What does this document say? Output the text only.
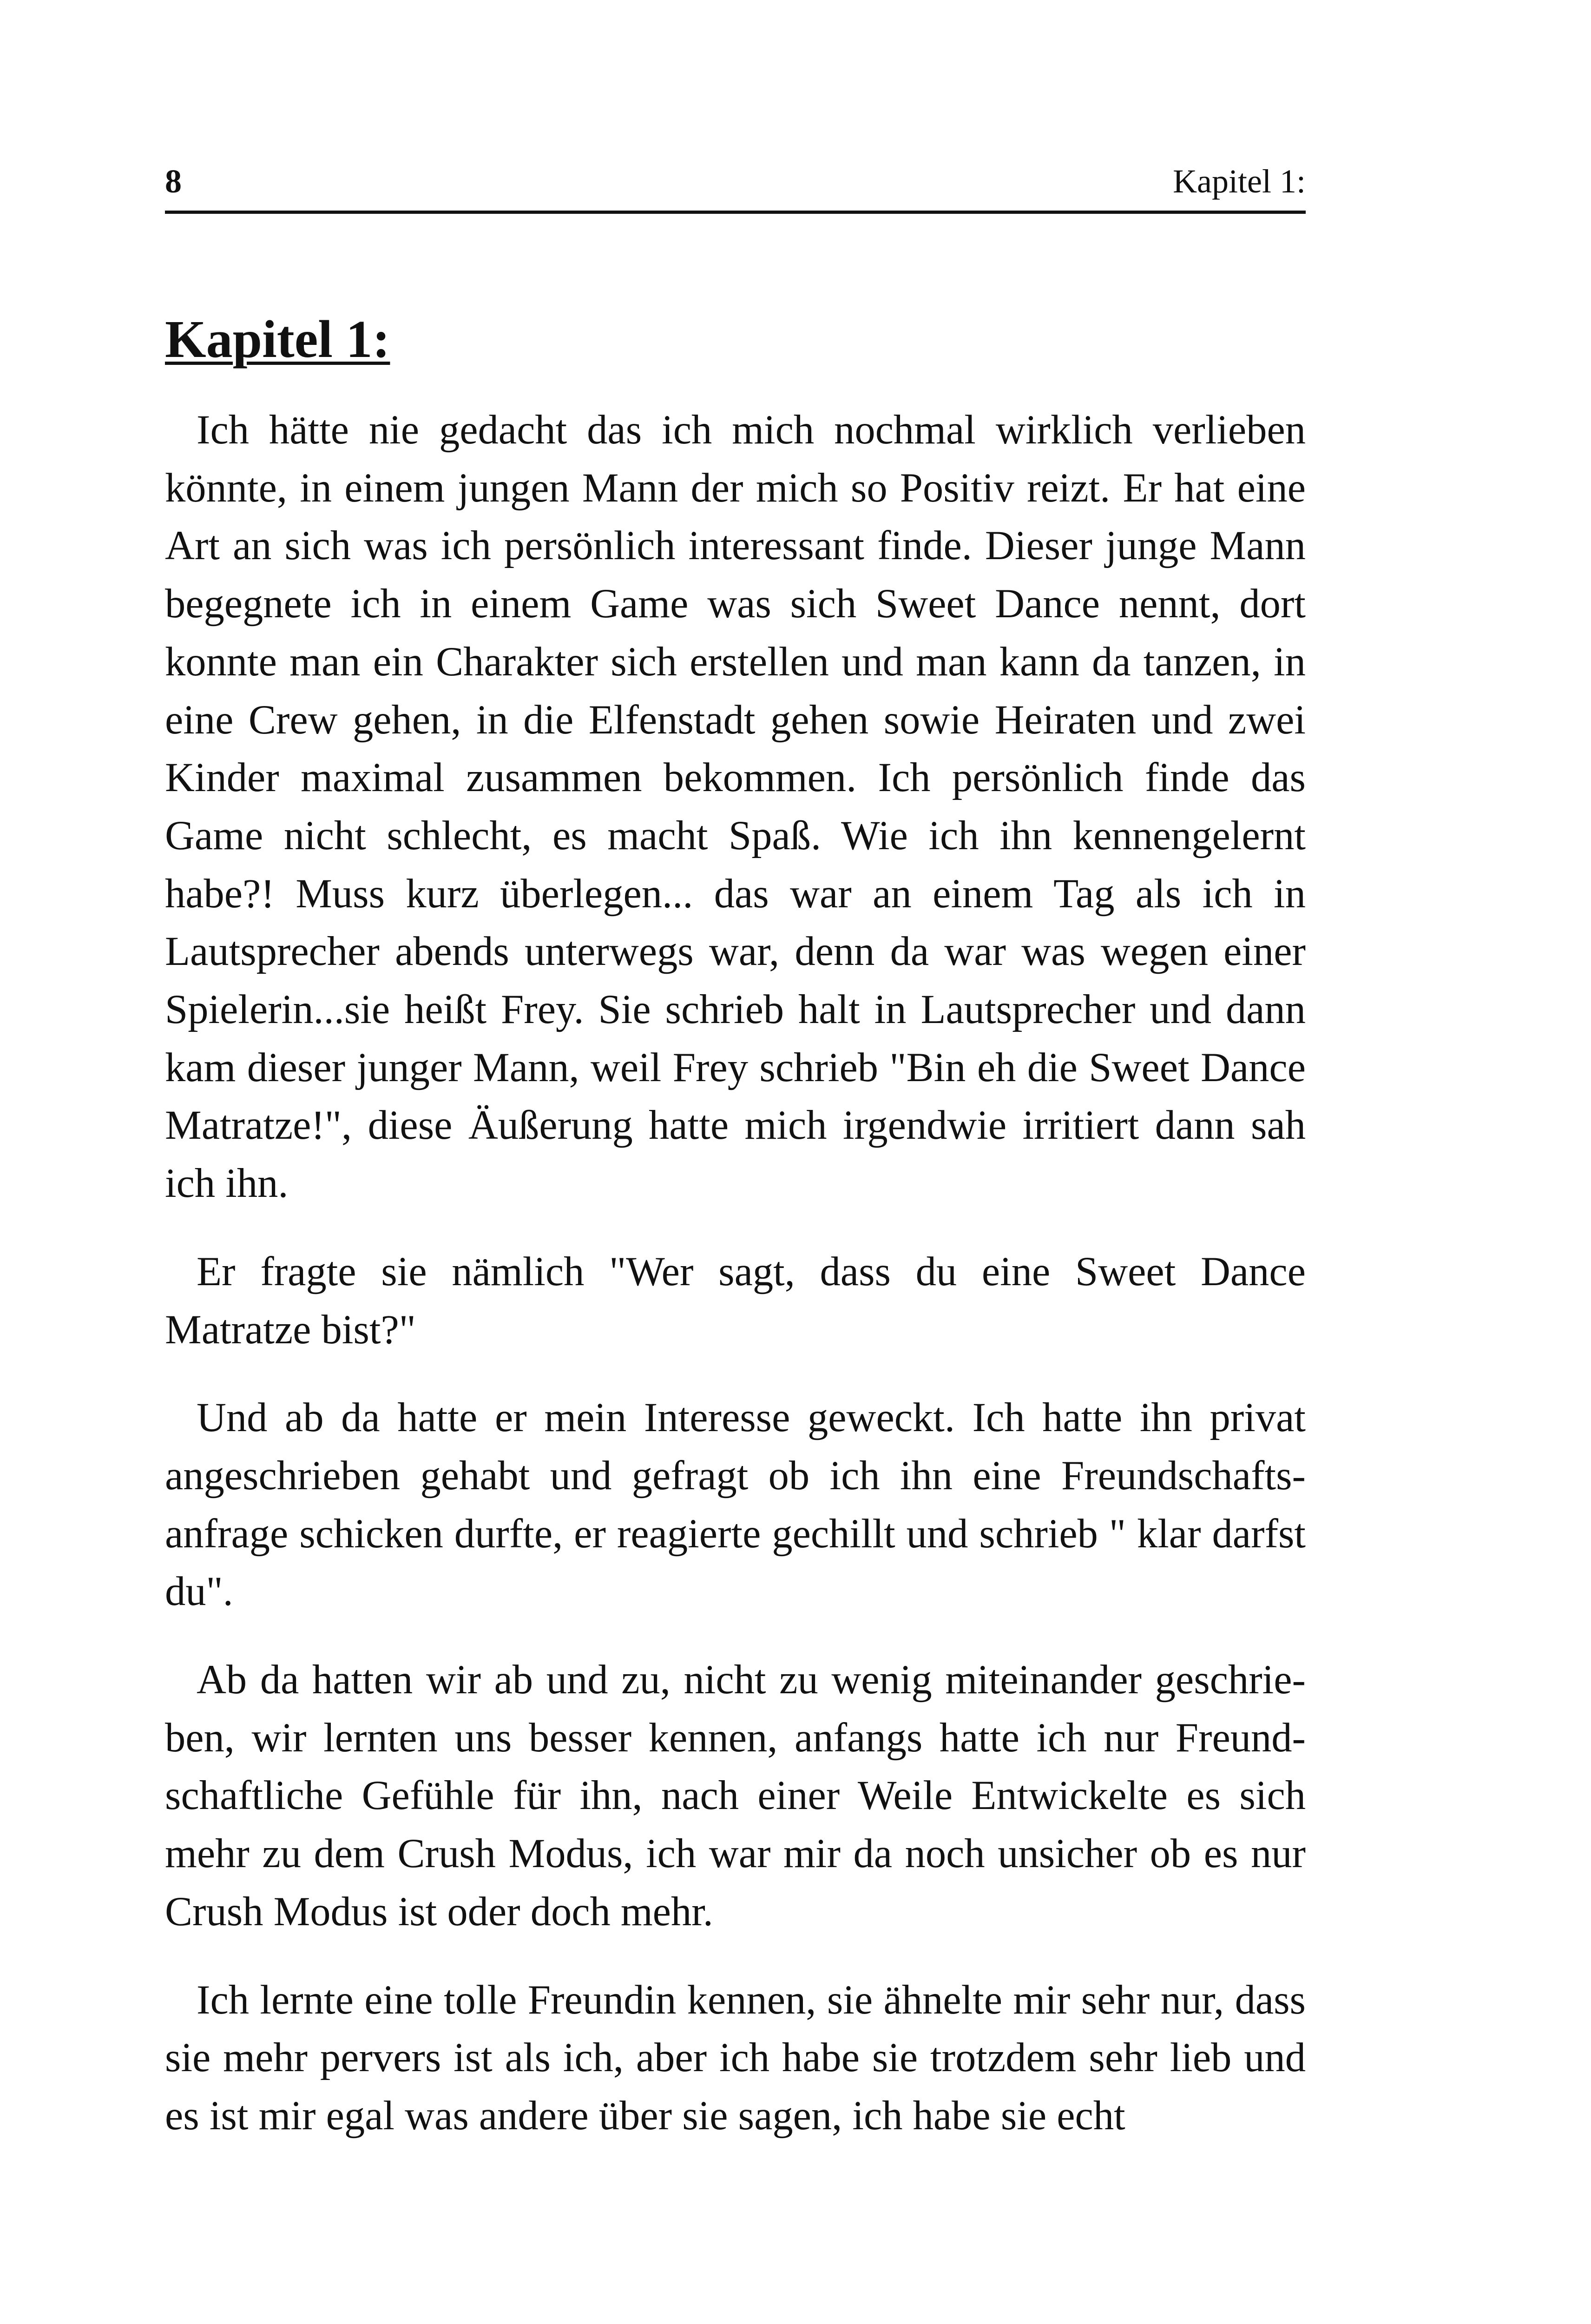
8	Kapitel 1:
Kapitel 1:

Ich hätte nie gedacht das ich mich nochmal wirklich verlieben könnte, in einem jungen Mann der mich so Positiv reizt. Er hat eine Art an sich was ich persönlich interessant finde. Dieser junge Mann begegnete ich in einem Game was sich Sweet Dance nennt, dort konnte man ein Charakter sich erstellen und man kann da tanzen, in eine Crew gehen, in die Elfenstadt gehen sowie Heiraten und zwei Kinder maximal zusammen bekommen. Ich persönlich finde das Game nicht schlecht, es macht Spaß. Wie ich ihn kennengelernt habe?! Muss kurz überlegen... das war an einem Tag als ich in Lautsprecher abends unterwegs war, denn da war was wegen einer Spielerin...sie heißt Frey. Sie schrieb halt in Lautsprecher und dann kam dieser junger Mann, weil Frey schrieb "Bin eh die Sweet Dance Matratze!", diese Äußerung hatte mich irgendwie irritiert dann sah ich ihn.

Er fragte sie nämlich "Wer sagt, dass du eine Sweet Dance Matratze bist?"

Und ab da hatte er mein Interesse geweckt. Ich hatte ihn privat angeschrieben gehabt und gefragt ob ich ihn eine Freundschaftsanfrage schicken durfte, er reagierte gechillt und schrieb " klar darfst du".

Ab da hatten wir ab und zu, nicht zu wenig miteinander geschrieben, wir lernten uns besser kennen, anfangs hatte ich nur Freundschaftliche Gefühle für ihn, nach einer Weile Entwickelte es sich mehr zu dem Crush Modus, ich war mir da noch unsicher ob es nur Crush Modus ist oder doch mehr.

Ich lernte eine tolle Freundin kennen, sie ähnelte mir sehr nur, dass sie mehr pervers ist als ich, aber ich habe sie trotzdem sehr lieb und es ist mir egal was andere über sie sagen, ich habe sie echt
